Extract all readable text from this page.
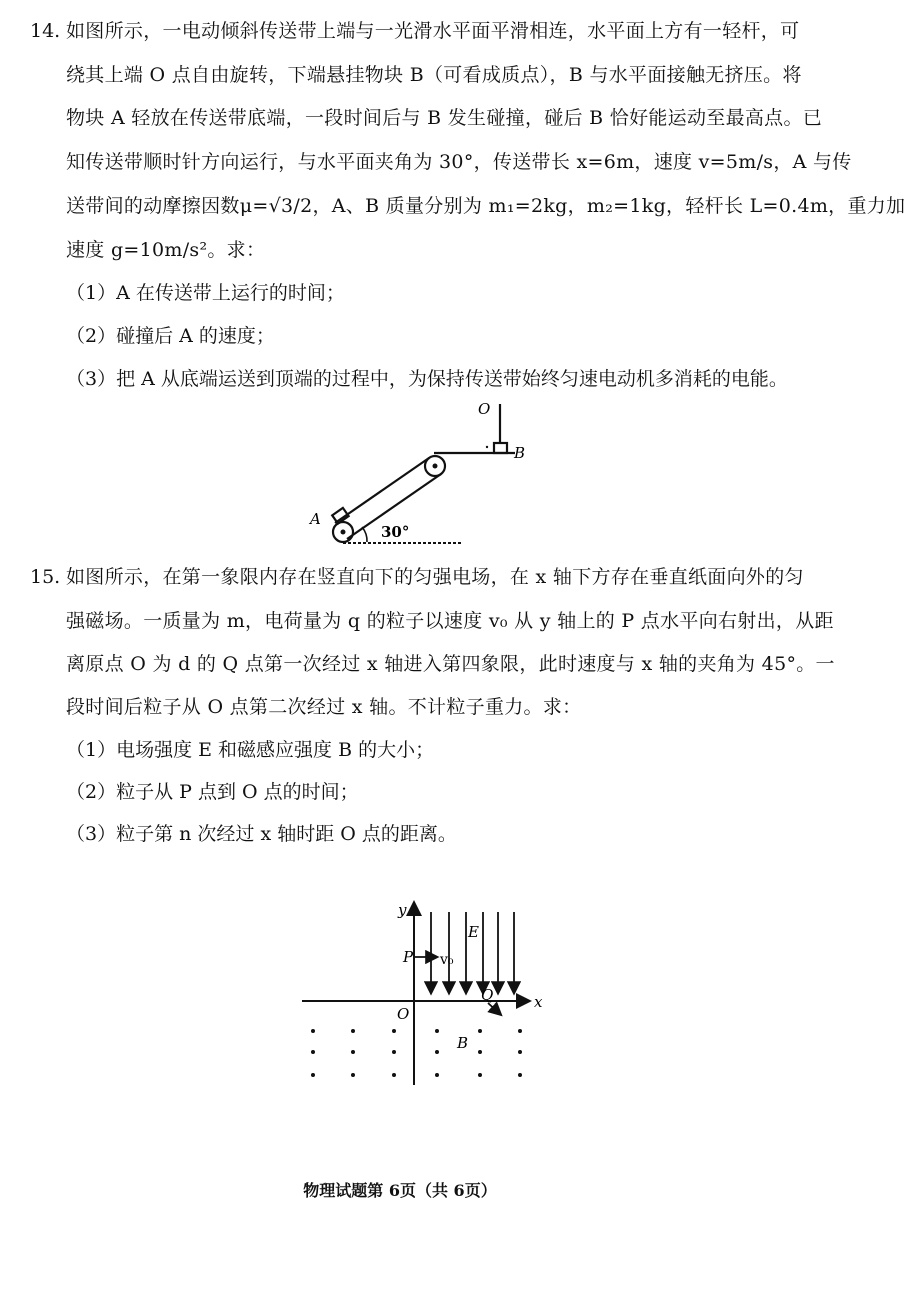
14. 如图所示，一电动倾斜传送带上端与一光滑水平面平滑相连，水平面上方有一轻杆，可
绕其上端 O 点自由旋转，下端悬挂物块 B（可看成质点），B 与水平面接触无挤压。将
物块 A 轻放在传送带底端，一段时间后与 B 发生碰撞，碰后 B 恰好能运动至最高点。已
知传送带顺时针方向运行，与水平面夹角为 30°，传送带长 x=6m，速度 v=5m/s，A 与传
送带间的动摩擦因数μ=√3/2，A、B 质量分别为 m₁=2kg，m₂=1kg，轻杆长 L=0.4m，重力加
速度 g=10m/s²。求：
（1）A 在传送带上运行的时间；
（2）碰撞后 A 的速度；
（3）把 A 从底端运送到顶端的过程中，为保持传送带始终匀速电动机多消耗的电能。
O
B
A
30°
15. 如图所示，在第一象限内存在竖直向下的匀强电场，在 x 轴下方存在垂直纸面向外的匀
强磁场。一质量为 m，电荷量为 q 的粒子以速度 v₀ 从 y 轴上的 P 点水平向右射出，从距
离原点 O 为 d 的 Q 点第一次经过 x 轴进入第四象限，此时速度与 x 轴的夹角为 45°。一
段时间后粒子从 O 点第二次经过 x 轴。不计粒子重力。求：
（1）电场强度 E 和磁感应强度 B 的大小；
（2）粒子从 P 点到 O 点的时间；
（3）粒子第 n 次经过 x 轴时距 O 点的距离。
y
x
O
E
P v₀
Q
B
物理试题第 6页（共 6页）
